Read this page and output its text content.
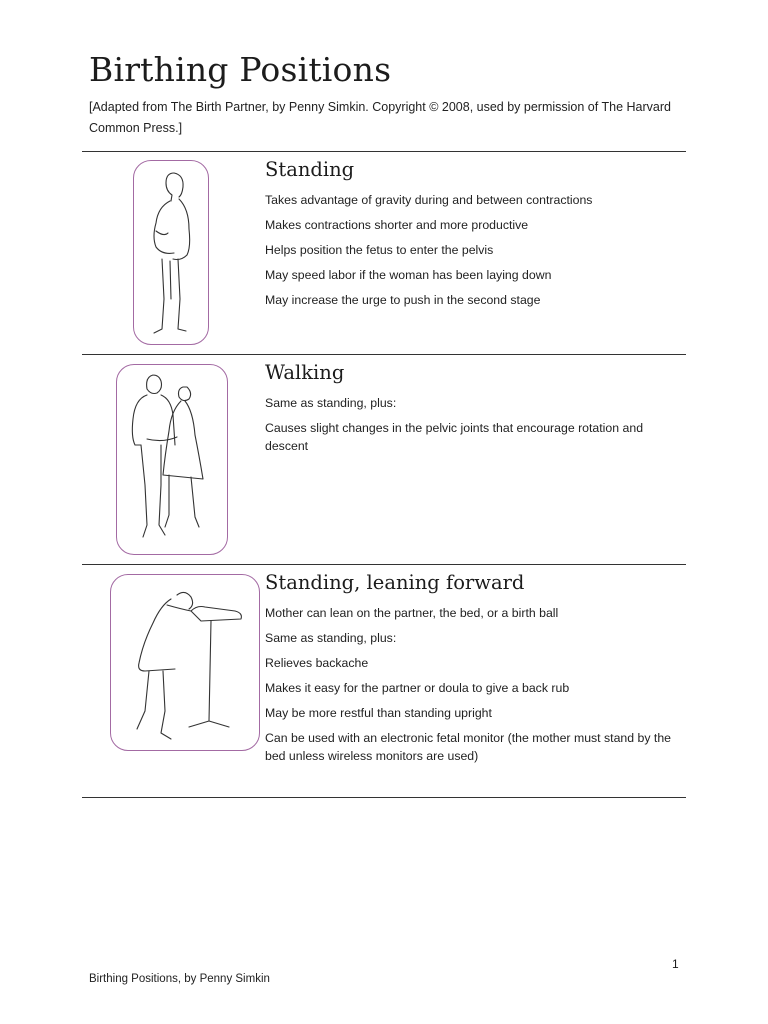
Birthing Positions
[Adapted from The Birth Partner, by Penny Simkin. Copyright © 2008, used by permission of The Harvard Common Press.]
Standing

Takes advantage of gravity during and between contractions

Makes contractions shorter and more productive

Helps position the fetus to enter the pelvis

May speed labor if the woman has been laying down

May increase the urge to push in the second stage

Walking

Same as standing, plus:

Causes slight changes in the pelvic joints that encourage rotation and descent

Standing, leaning forward

Mother can lean on the partner, the bed, or a birth ball

Same as standing, plus:

Relieves backache

Makes it easy for the partner or doula to give a back rub

May be more restful than standing upright

Can be used with an electronic fetal monitor (the mother must stand by the bed unless wireless monitors are used)

1
Birthing Positions, by Penny Simkin
